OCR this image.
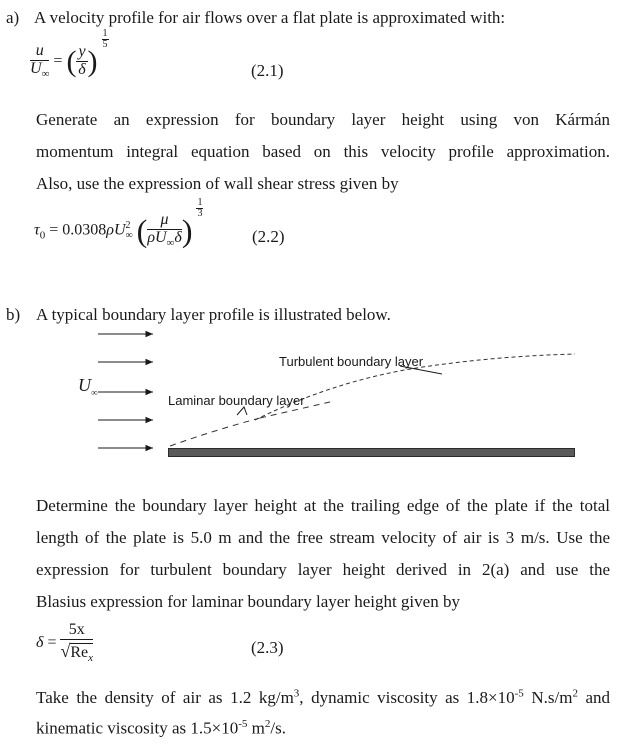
a) A velocity profile for air flows over a flat plate is approximated with:
$\frac{u}{U_\infty}$ = ( $\frac{y}{\delta}$ )
$\frac{1}{5}$
(2.1)
Generate an expression for boundary layer height using von Kármán
momentum integral equation based on this velocity profile approximation.
Also, use the expression of wall shear stress given by
$\tau_0 = 0.0308\rho U$ 2
∞ ( $\frac{\mu}{\rho U_\infty\delta}$ )
$\frac{1}{3}$
(2.2)
b) A typical boundary layer profile is illustrated below.
$U_\infty$
Turbulent boundary layer
Laminar boundary layer
Determine the boundary layer height at the trailing edge of the plate if the total
length of the plate is 5.0 m and the free stream velocity of air is 3 m/s. Use the
expression for turbulent boundary layer height derived in 2(a) and use the
Blasius expression for laminar boundary layer height given by
$\delta = \frac{5x}{√Re_x}$	(2.3)
Take the density of air as 1.2 $kg/m^3$, dynamic viscosity as $1.8\times 10^{-5}$ $N.s/m^2$ and
kinematic viscosity as $1.5\times 10^{-5}$ $m^2/s$.
